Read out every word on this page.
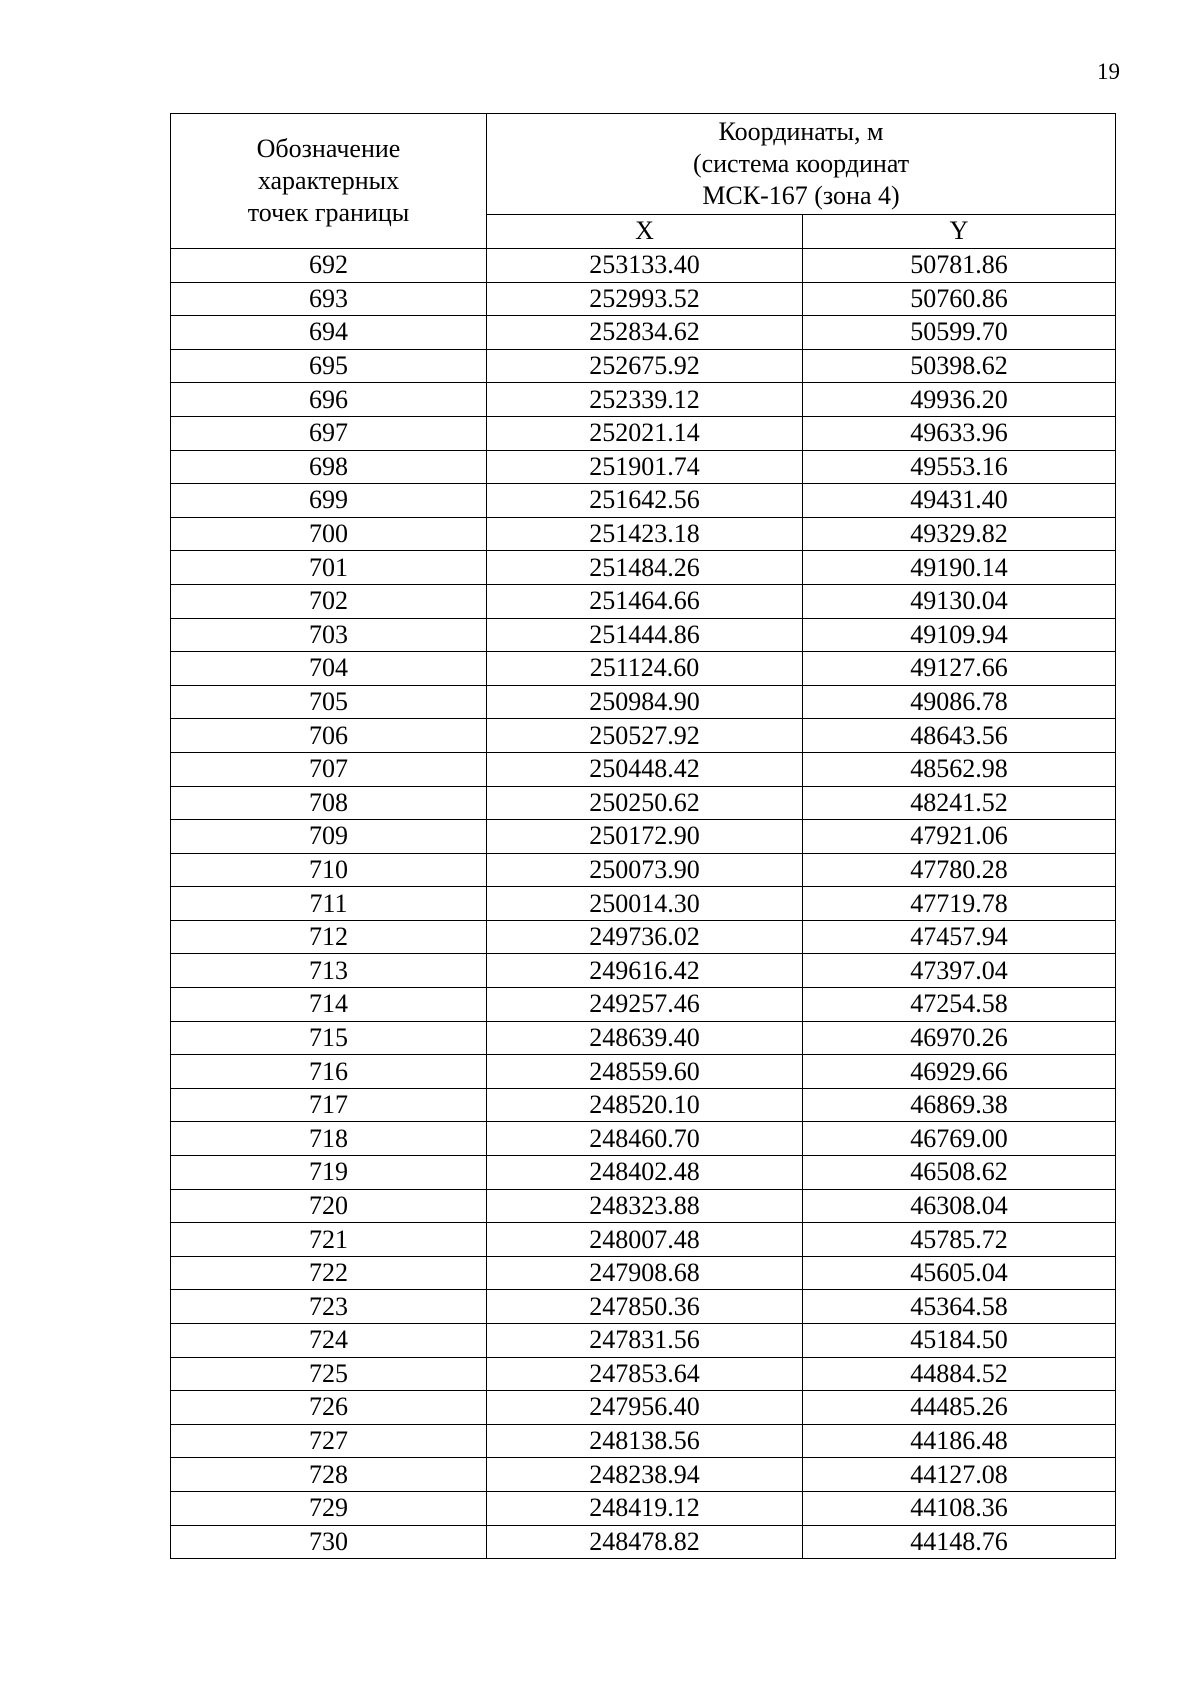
19
Обозначение
характерных
точек границы	Координаты, м
(система координат
МСК-167 (зона 4)	

	X	Y
692	253133.40	50781.86
693	252993.52	50760.86
694	252834.62	50599.70
695	252675.92	50398.62
696	252339.12	49936.20
697	252021.14	49633.96
698	251901.74	49553.16
699	251642.56	49431.40
700	251423.18	49329.82
701	251484.26	49190.14
702	251464.66	49130.04
703	251444.86	49109.94
704	251124.60	49127.66
705	250984.90	49086.78
706	250527.92	48643.56
707	250448.42	48562.98
708	250250.62	48241.52
709	250172.90	47921.06
710	250073.90	47780.28
711	250014.30	47719.78
712	249736.02	47457.94
713	249616.42	47397.04
714	249257.46	47254.58
715	248639.40	46970.26
716	248559.60	46929.66
717	248520.10	46869.38
718	248460.70	46769.00
719	248402.48	46508.62
720	248323.88	46308.04
721	248007.48	45785.72
722	247908.68	45605.04
723	247850.36	45364.58
724	247831.56	45184.50
725	247853.64	44884.52
726	247956.40	44485.26
727	248138.56	44186.48
728	248238.94	44127.08
729	248419.12	44108.36
730	248478.82	44148.76
